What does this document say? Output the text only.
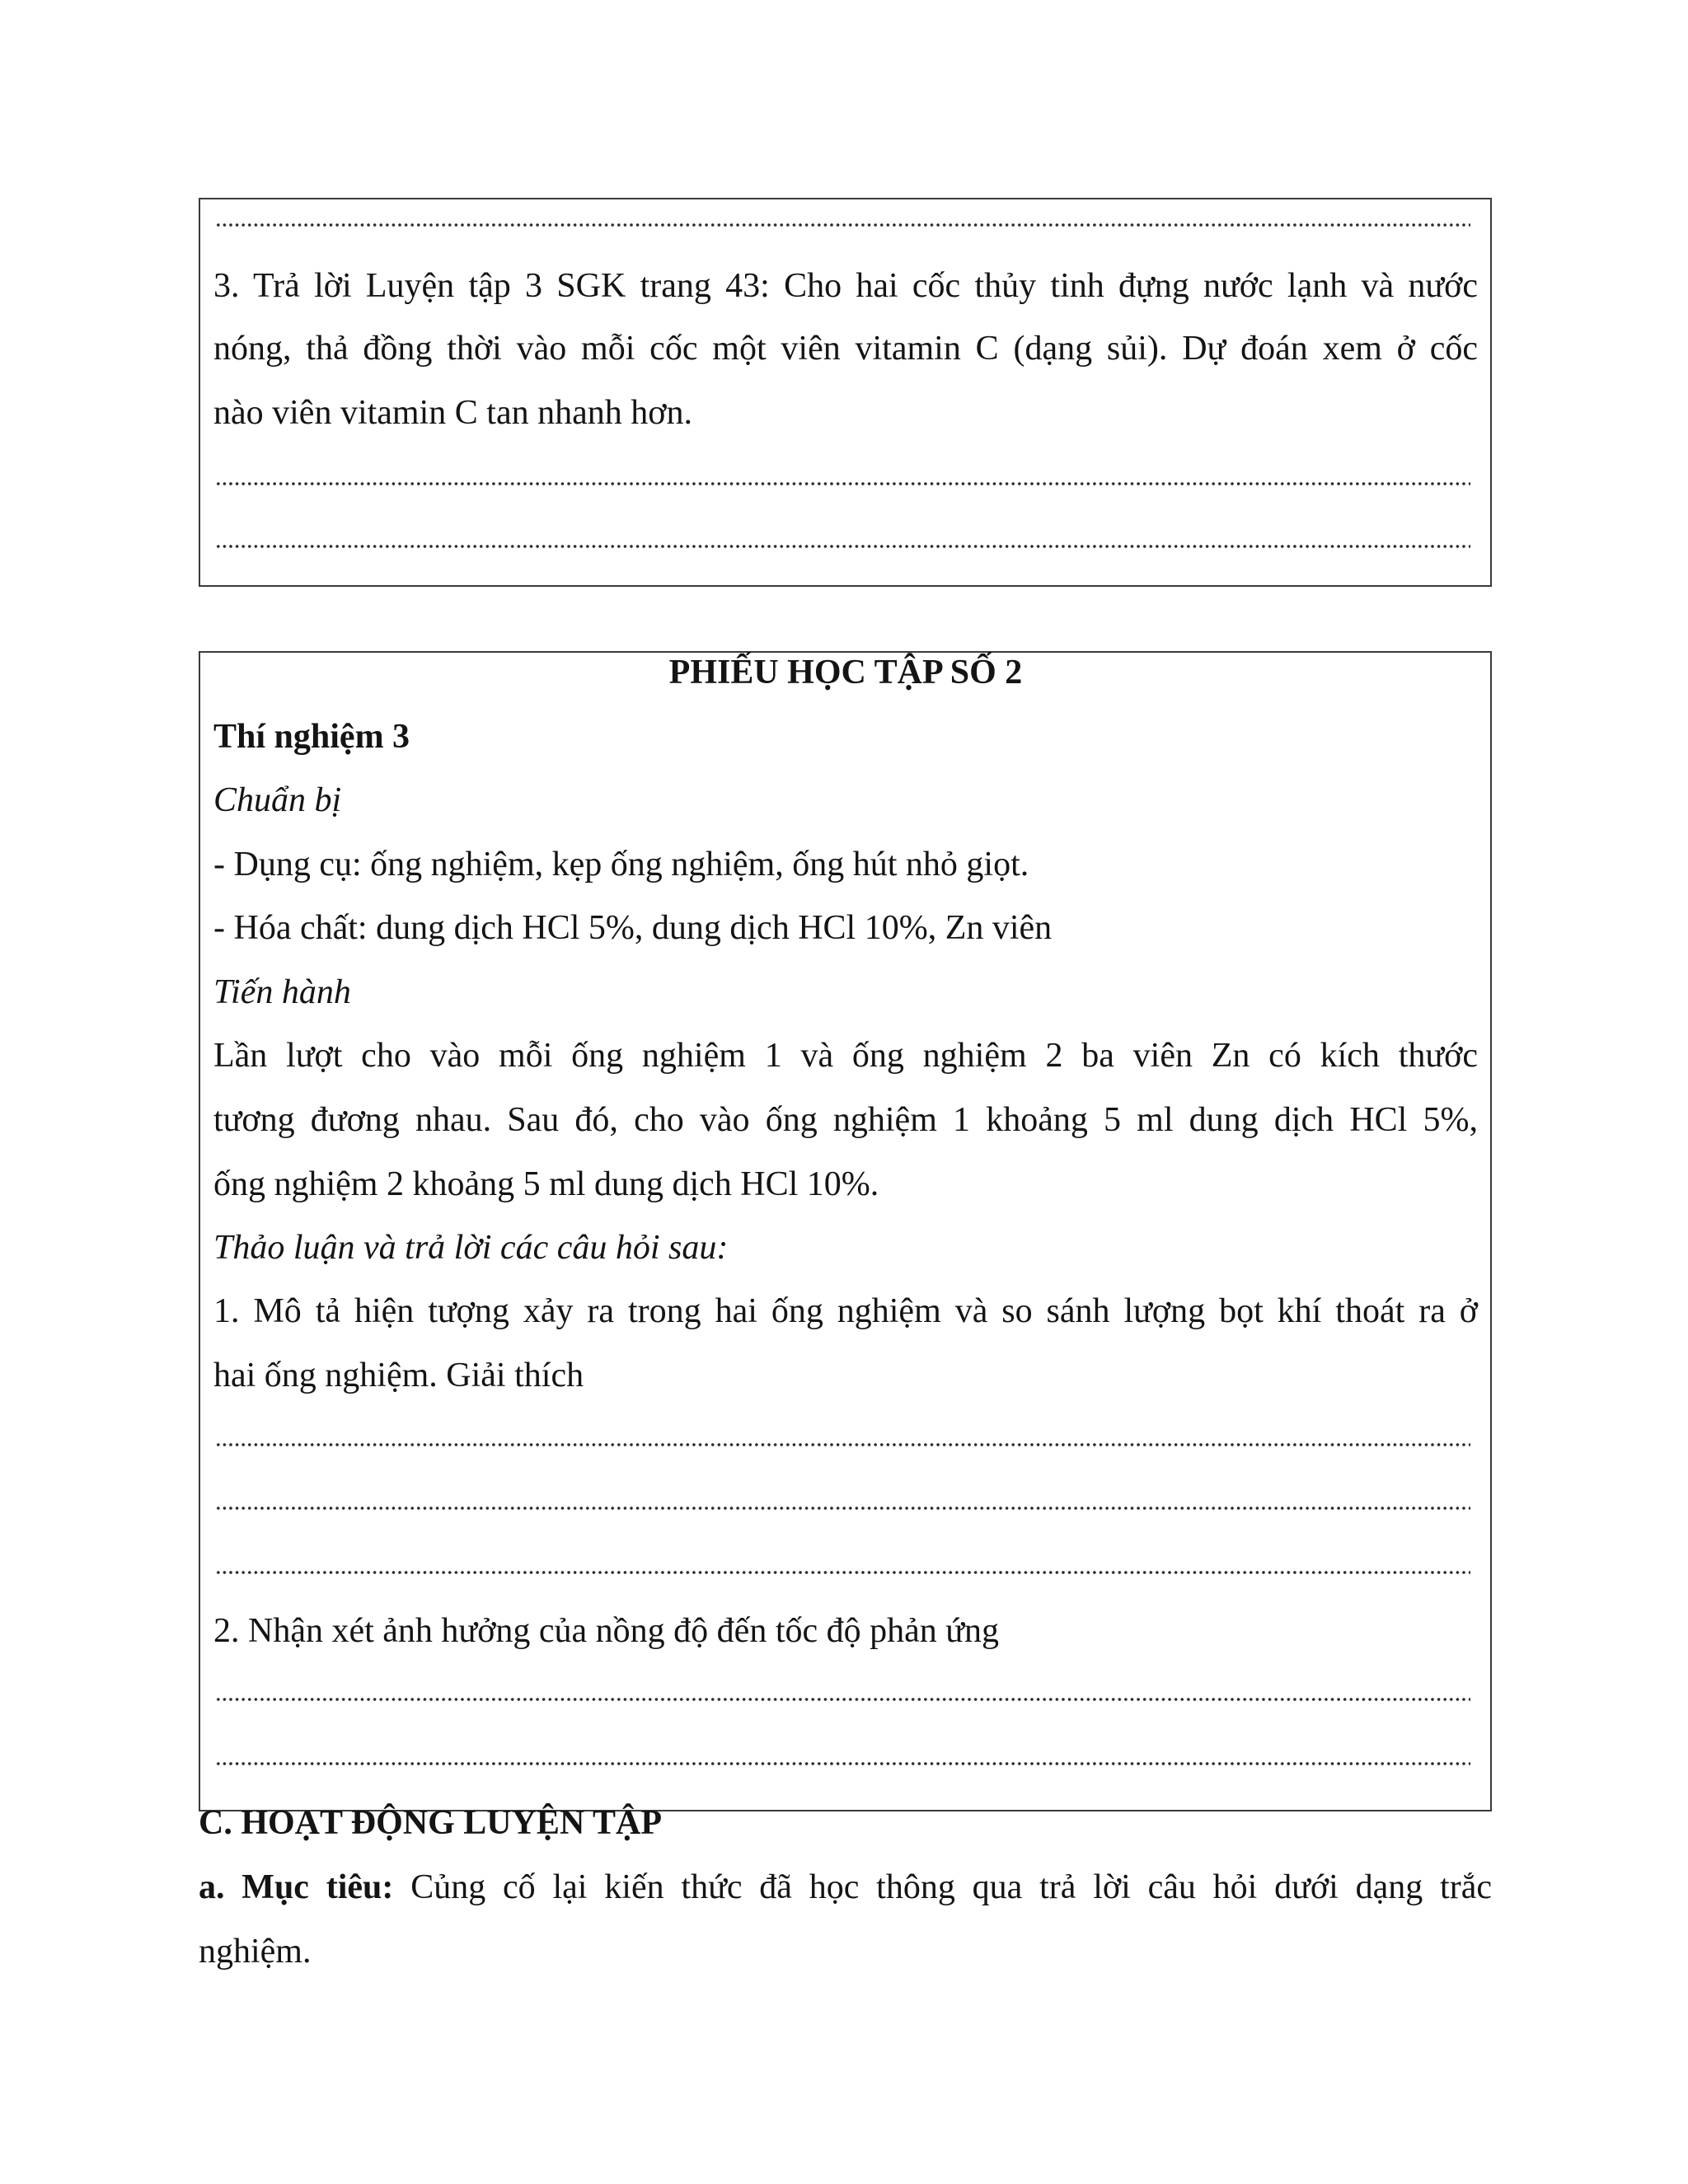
3. Trả lời Luyện tập 3 SGK trang 43: Cho hai cốc thủy tinh đựng nước lạnh và nước
nóng, thả đồng thời vào mỗi cốc một viên vitamin C (dạng sủi). Dự đoán xem ở cốc
nào viên vitamin C tan nhanh hơn.
PHIẾU HỌC TẬP SỐ 2
Thí nghiệm 3
Chuẩn bị
- Dụng cụ: ống nghiệm, kẹp ống nghiệm, ống hút nhỏ giọt.
- Hóa chất: dung dịch HCl 5%, dung dịch HCl 10%, Zn viên
Tiến hành
Lần lượt cho vào mỗi ống nghiệm 1 và ống nghiệm 2 ba viên Zn có kích thước
tương đương nhau. Sau đó, cho vào ống nghiệm 1 khoảng 5 ml dung dịch HCl 5%,
ống nghiệm 2 khoảng 5 ml dung dịch HCl 10%.
Thảo luận và trả lời các câu hỏi sau:
1. Mô tả hiện tượng xảy ra trong hai ống nghiệm và so sánh lượng bọt khí thoát ra ở
hai ống nghiệm. Giải thích
2. Nhận xét ảnh hưởng của nồng độ đến tốc độ phản ứng
C. HOẠT ĐỘNG LUYỆN TẬP
a. Mục tiêu: Củng cố lại kiến thức đã học thông qua trả lời câu hỏi dưới dạng trắc
nghiệm.
